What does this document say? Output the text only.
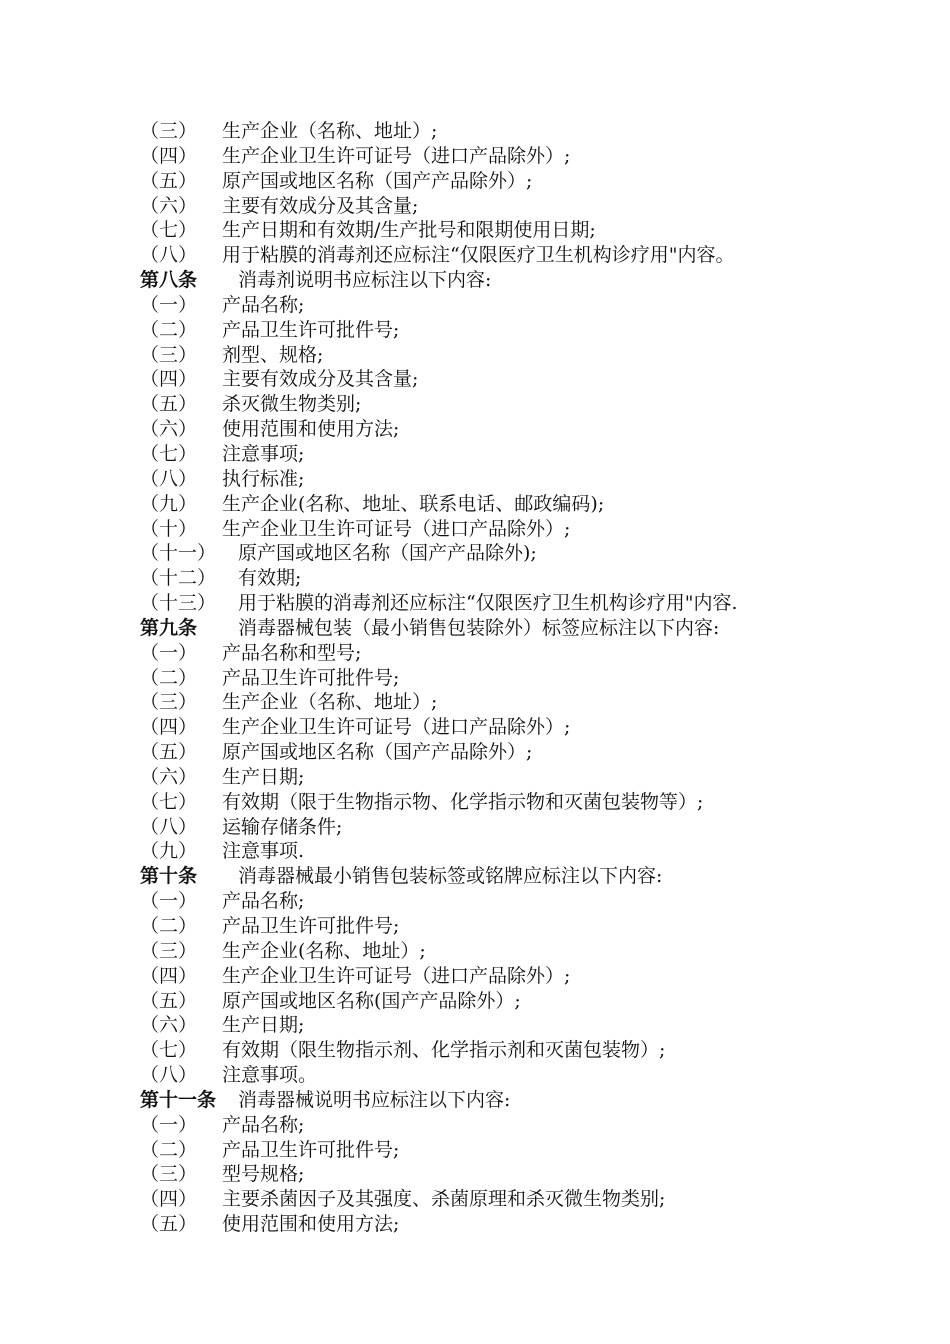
（三）	生产企业（名称、地址）;
（四）	生产企业卫生许可证号（进口产品除外）;
（五）	原产国或地区名称（国产产品除外）;
（六）	主要有效成分及其含量;
（七）	生产日期和有效期/生产批号和限期使用日期;
（八）	用于粘膜的消毒剂还应标注“仅限医疗卫生机构诊疗用"内容。
第八条	消毒剂说明书应标注以下内容:
（一）	产品名称;
（二）	产品卫生许可批件号;
（三）	剂型、规格;
（四）	主要有效成分及其含量;
（五）	杀灭微生物类别;
（六）	使用范围和使用方法;
（七）	注意事项;
（八）	执行标准;
（九）	生产企业(名称、地址、联系电话、邮政编码);
（十）	生产企业卫生许可证号（进口产品除外）;
（十一）	原产国或地区名称（国产产品除外);
（十二）	有效期;
（十三）	用于粘膜的消毒剂还应标注“仅限医疗卫生机构诊疗用"内容.
第九条	消毒器械包装（最小销售包装除外）标签应标注以下内容:
（一）	产品名称和型号;
（二）	产品卫生许可批件号;
（三）	生产企业（名称、地址）;
（四）	生产企业卫生许可证号（进口产品除外）;
（五）	原产国或地区名称（国产产品除外）;
（六）	生产日期;
（七）	有效期（限于生物指示物、化学指示物和灭菌包装物等）;
（八）	运输存储条件;
（九）	注意事项.
第十条	消毒器械最小销售包装标签或铭牌应标注以下内容:
（一）	产品名称;
（二）	产品卫生许可批件号;
（三）	生产企业(名称、地址）;
（四）	生产企业卫生许可证号（进口产品除外）;
（五）	原产国或地区名称(国产产品除外）;
（六）	生产日期;
（七）	有效期（限生物指示剂、化学指示剂和灭菌包装物）;
（八）	注意事项。
第十一条	消毒器械说明书应标注以下内容:
（一）	产品名称;
（二）	产品卫生许可批件号;
（三）	型号规格;
（四）	主要杀菌因子及其强度、杀菌原理和杀灭微生物类别;
（五）	使用范围和使用方法;
